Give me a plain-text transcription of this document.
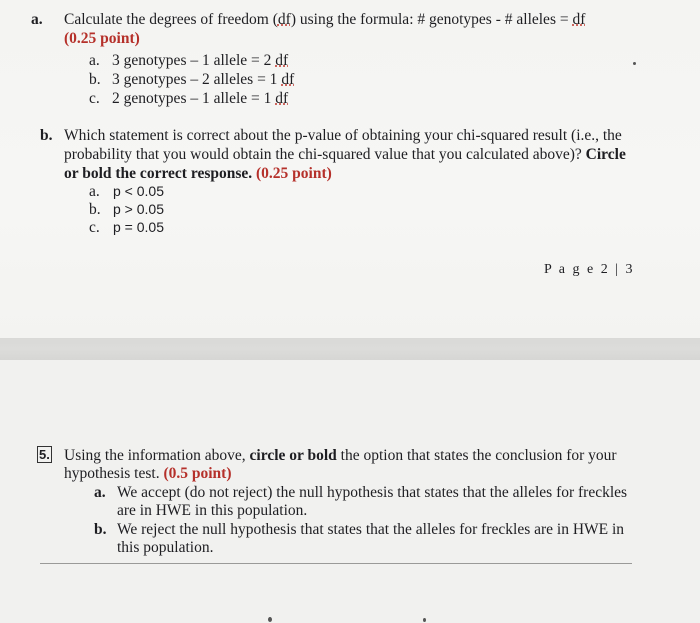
a. Calculate the degrees of freedom (df) using the formula: # genotypes - # alleles = df
(0.25 point)
a. 3 genotypes – 1 allele = 2 df
b. 3 genotypes – 2 alleles = 1 df
c. 2 genotypes – 1 allele = 1 df
b. Which statement is correct about the p-value of obtaining your chi-squared result (i.e., the
probability that you would obtain the chi-squared value that you calculated above)? Circle
or bold the correct response. (0.25 point)
a. p < 0.05
b. p > 0.05
c. p = 0.05
P a g e 2 | 3
5. Using the information above, circle or bold the option that states the conclusion for your
hypothesis test. (0.5 point)
a. We accept (do not reject) the null hypothesis that states that the alleles for freckles
are in HWE in this population.
b. We reject the null hypothesis that states that the alleles for freckles are in HWE in
this population.
